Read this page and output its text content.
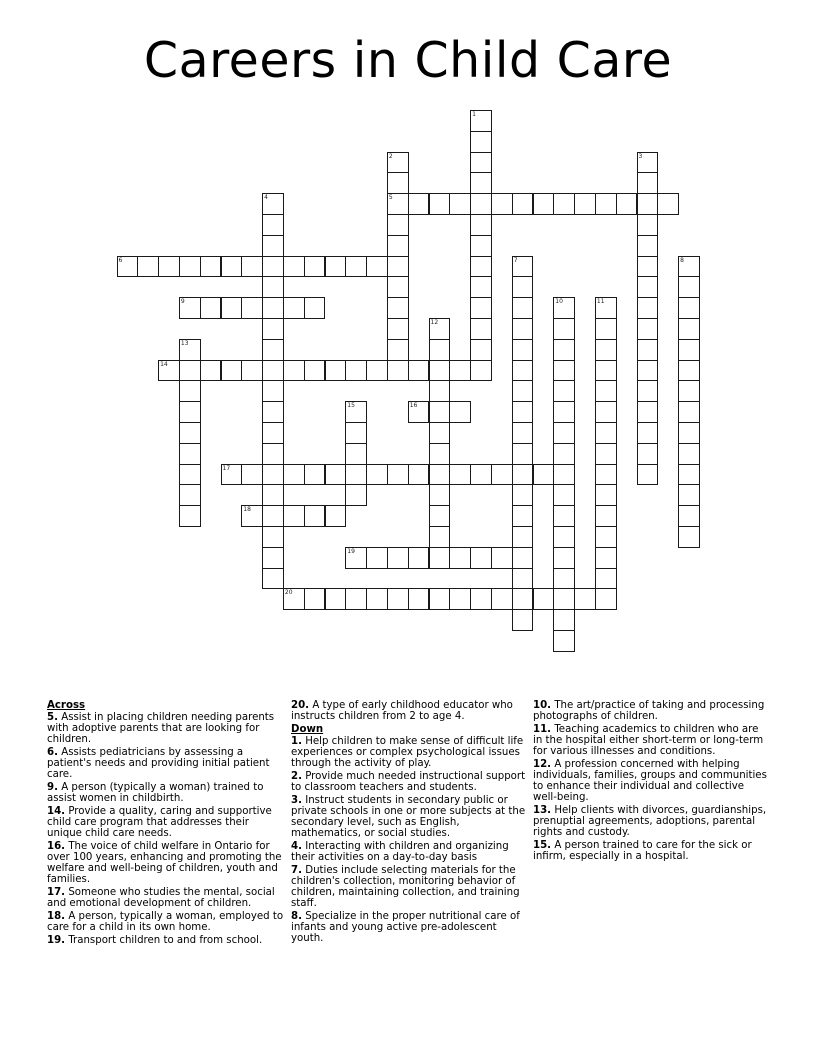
Careers in Child Care
1
2
5
3
4
6	7	8
9	10	11
12
13
14
15	16
17
18
19
20
Across
5. Assist in placing children needing parents with adoptive parents that are looking for children.
6. Assists pediatricians by assessing a patient's needs and providing initial patient care.
9. A person (typically a woman) trained to assist women in childbirth.
14. Provide a quality, caring and supportive child care program that addresses their unique child care needs.
16. The voice of child welfare in Ontario for over 100 years, enhancing and promoting the welfare and well-being of children, youth and families.
17. Someone who studies the mental, social and emotional development of children.
18. A person, typically a woman, employed to care for a child in its own home.
19. Transport children to and from school.
20. A type of early childhood educator who instructs children from 2 to age 4.
Down
1. Help children to make sense of difficult life experiences or complex psychological issues through the activity of play.
2. Provide much needed instructional support to classroom teachers and students.
3. Instruct students in secondary public or private schools in one or more subjects at the secondary level, such as English, mathematics, or social studies.
4. Interacting with children and organizing their activities on a day-to-day basis
7. Duties include selecting materials for the children's collection, monitoring behavior of children, maintaining collection, and training staff.
8. Specialize in the proper nutritional care of infants and young active pre-adolescent youth.
10. The art/practice of taking and processing photographs of children.
11. Teaching academics to children who are in the hospital either short-term or long-term for various illnesses and conditions.
12. A profession concerned with helping individuals, families, groups and communities to enhance their individual and collective well-being.
13. Help clients with divorces, guardianships, prenuptial agreements, adoptions, parental rights and custody.
15. A person trained to care for the sick or infirm, especially in a hospital.
